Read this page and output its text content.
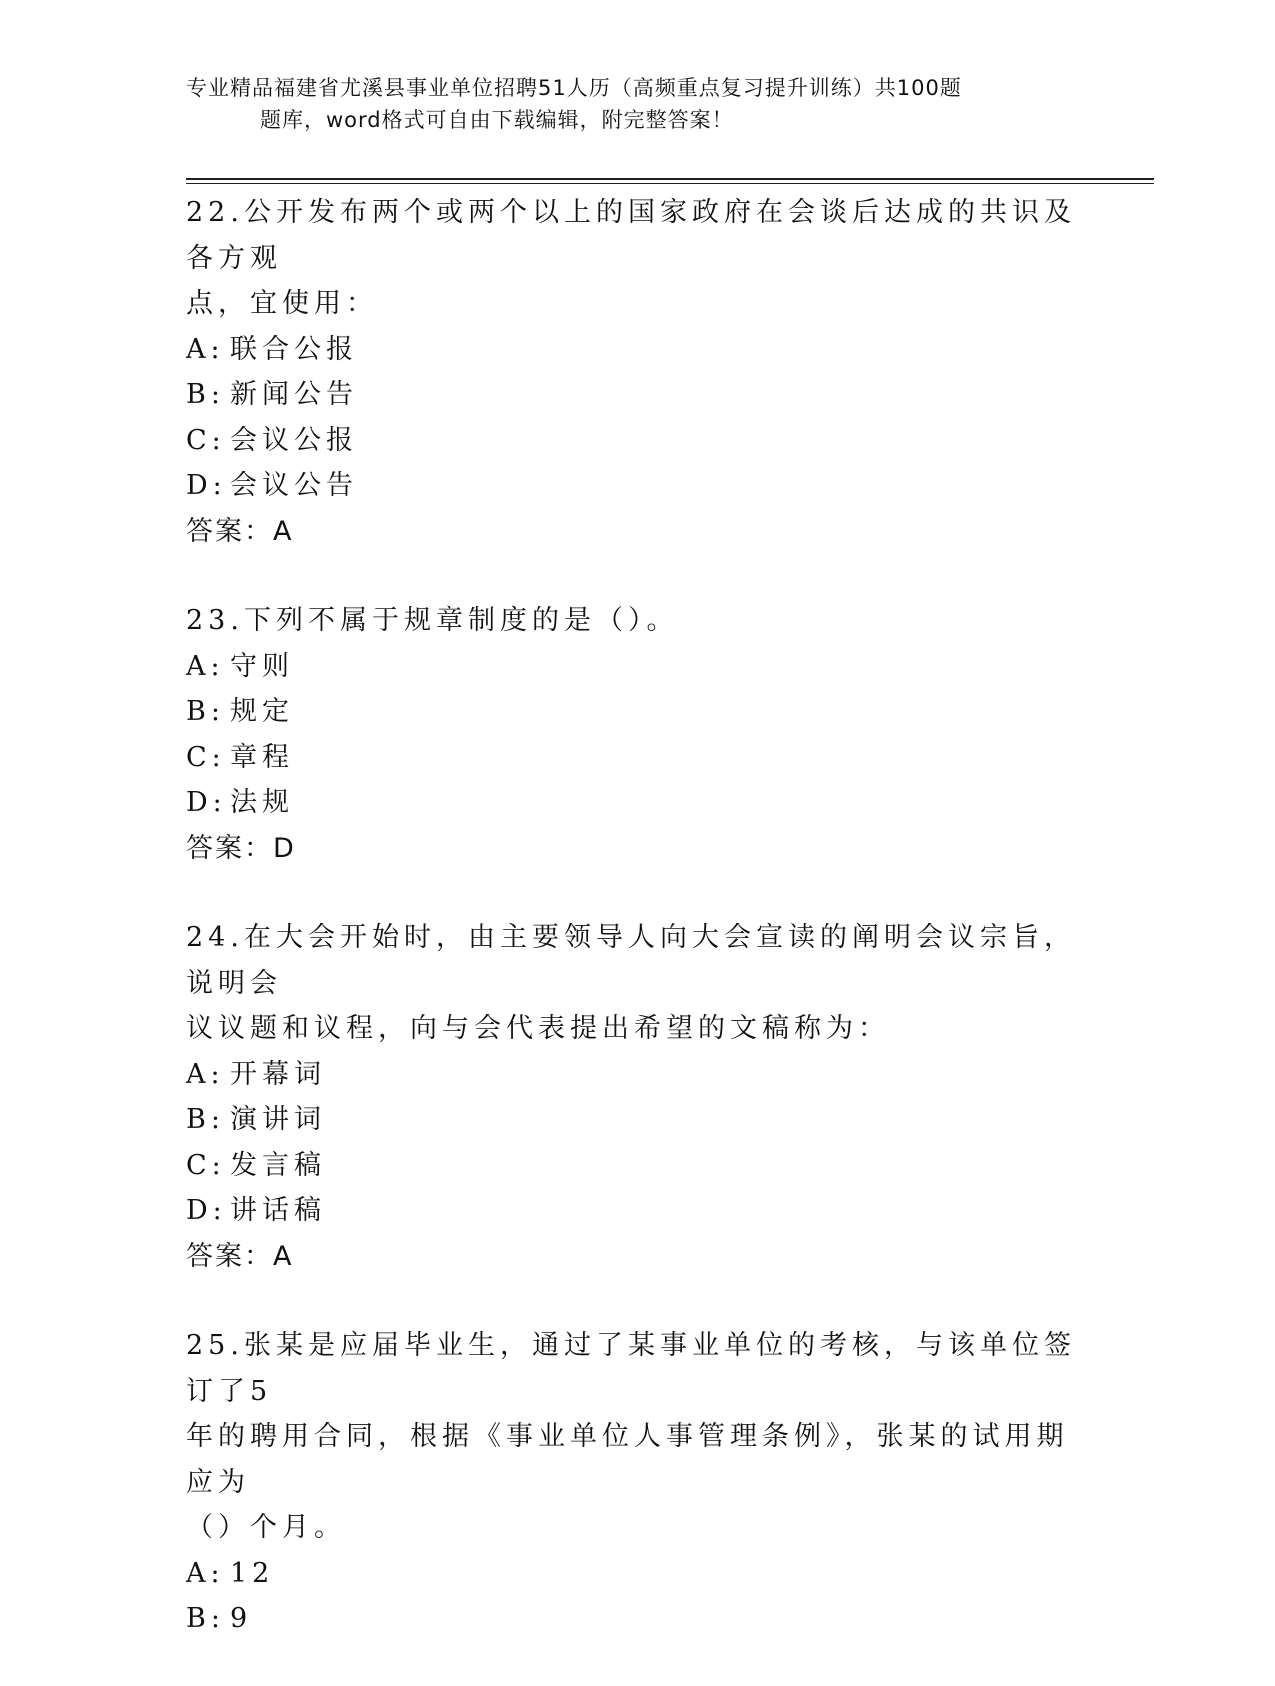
专业精品福建省尤溪县事业单位招聘51人历（高频重点复习提升训练）共100题
题库，word格式可自由下载编辑，附完整答案！
22.公开发布两个或两个以上的国家政府在会谈后达成的共识及各方观
点，宜使用：
A: 联合公报
B: 新闻公告
C: 会议公报
D: 会议公告
答案：A
23.下列不属于规章制度的是（）。
A: 守则
B: 规定
C: 章程
D: 法规
答案：D
24.在大会开始时，由主要领导人向大会宣读的阐明会议宗旨，说明会
议议题和议程，向与会代表提出希望的文稿称为：
A: 开幕词
B: 演讲词
C: 发言稿
D: 讲话稿
答案：A
25.张某是应届毕业生，通过了某事业单位的考核，与该单位签订了5
年的聘用合同，根据《事业单位人事管理条例》，张某的试用期应为
（）个月。
A: 12
B: 9
